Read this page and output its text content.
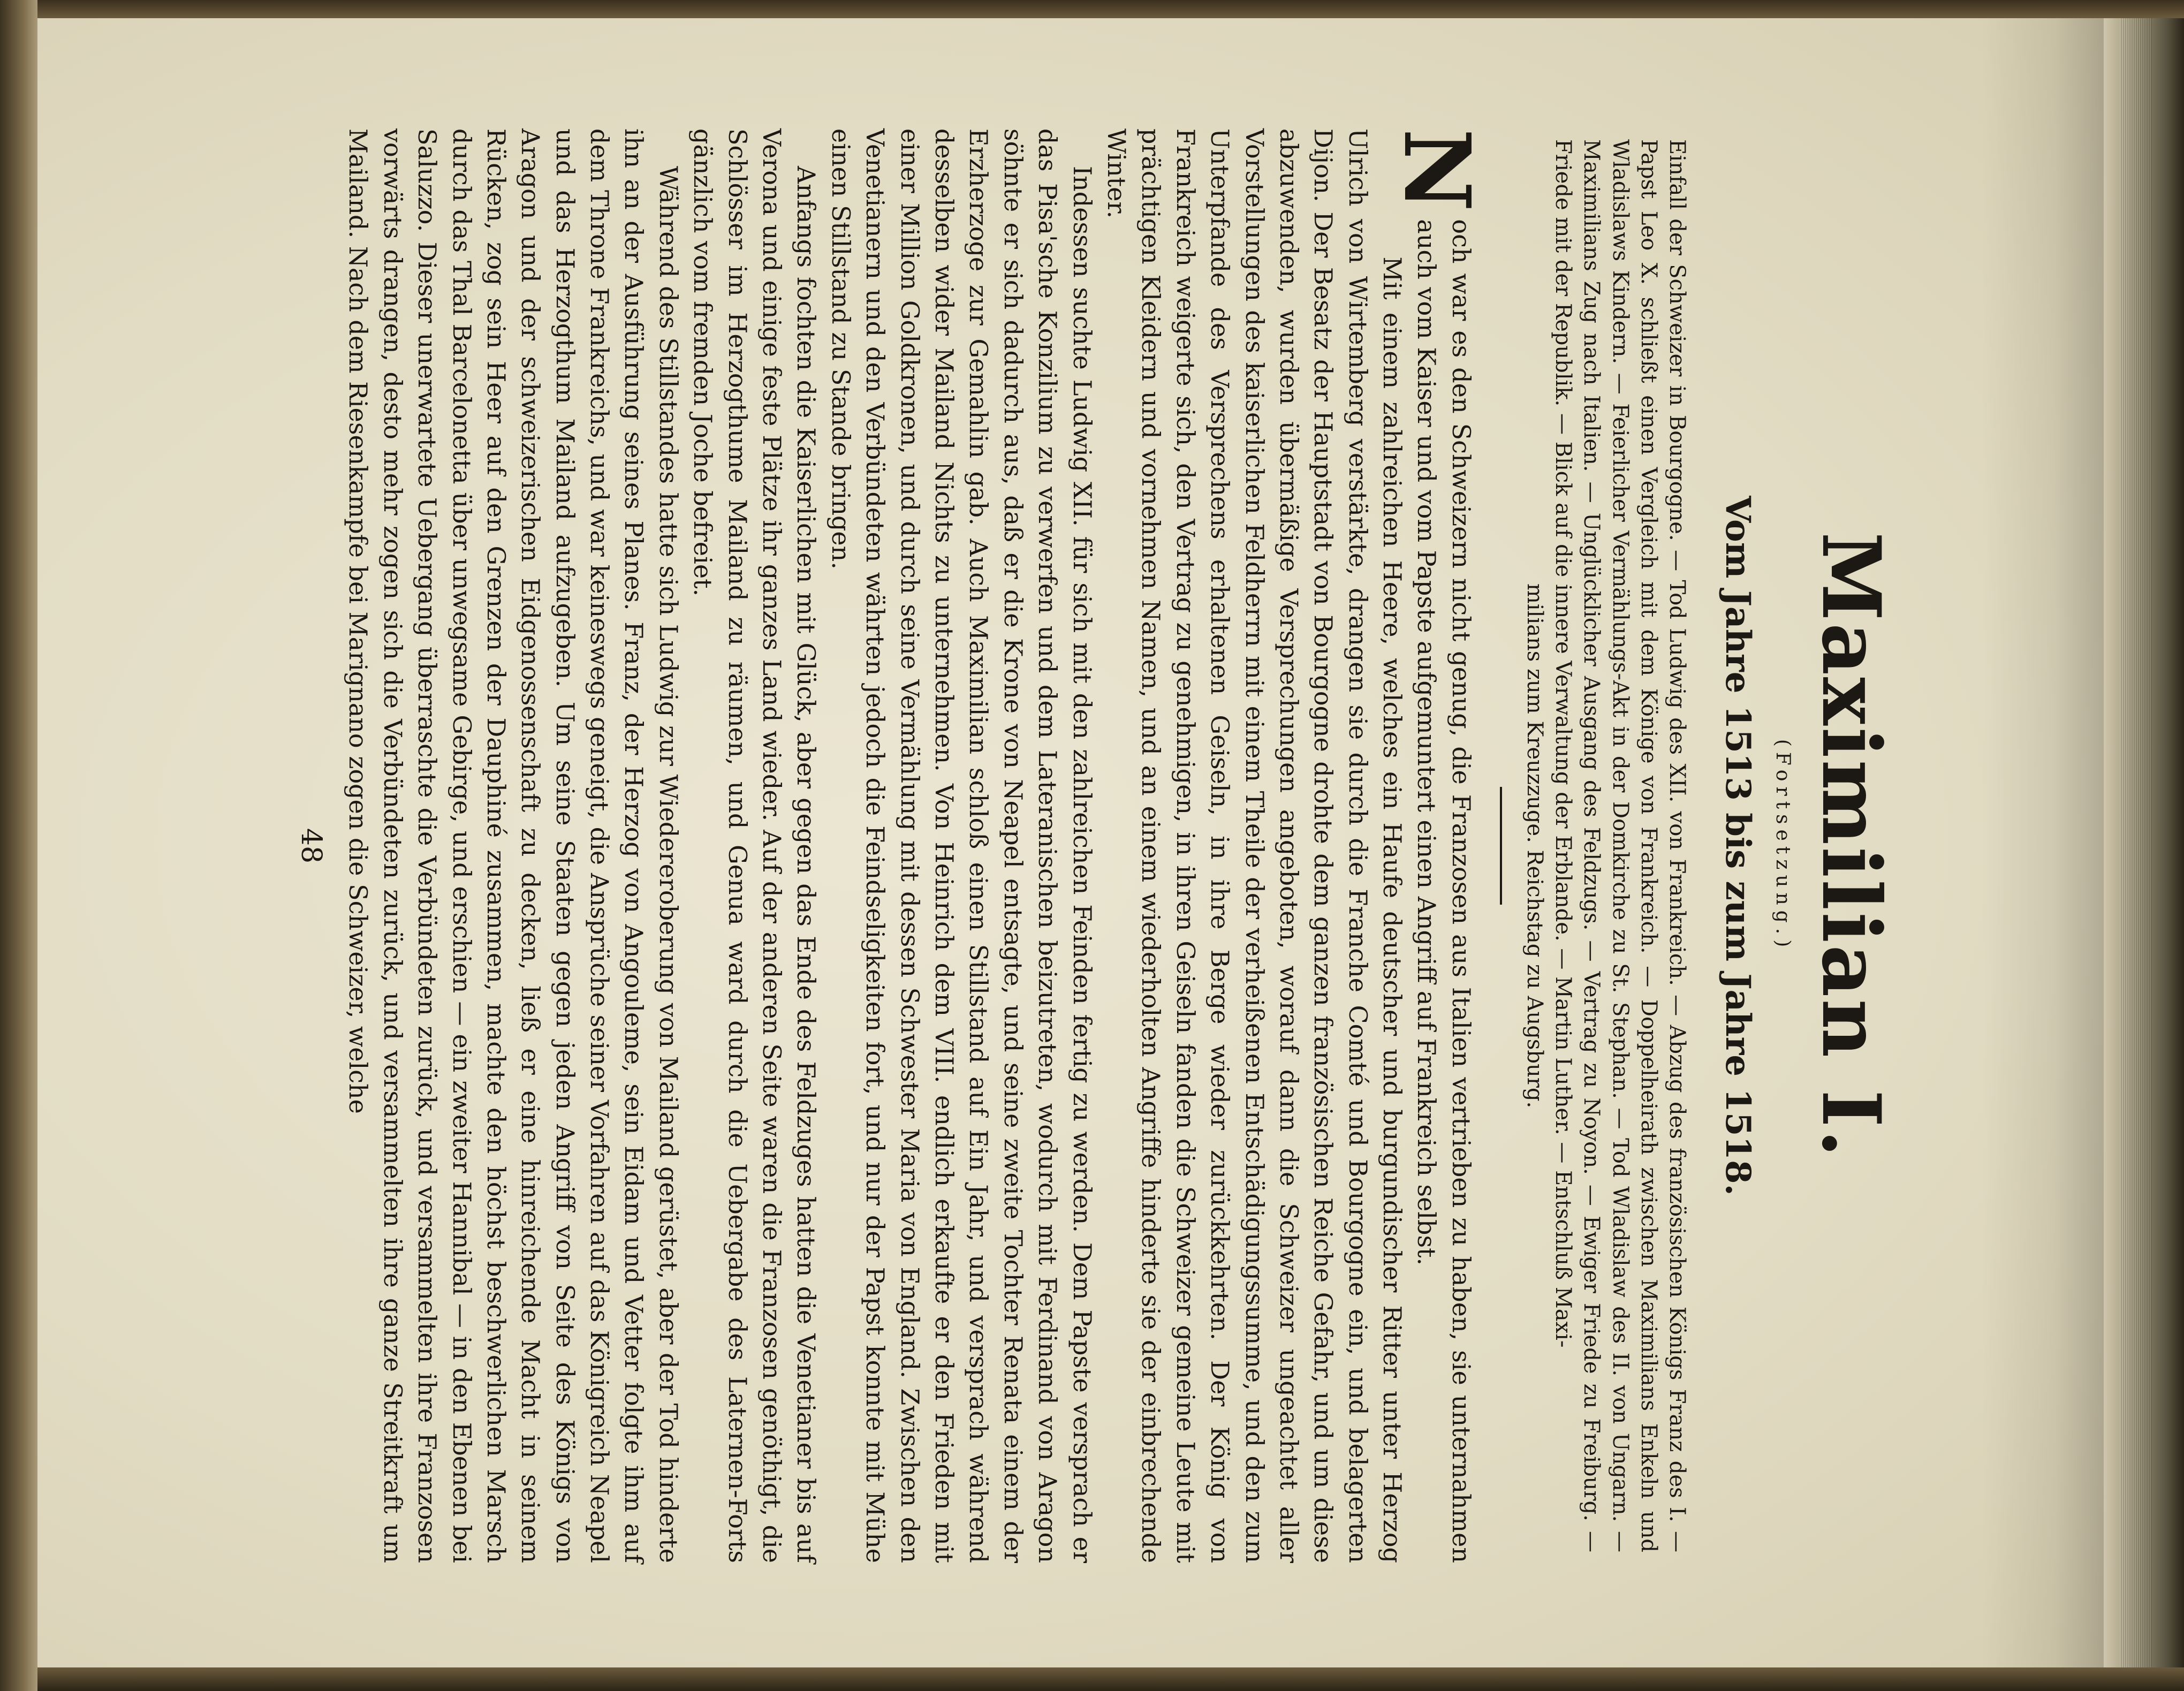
Maximilian I.
(Fortsetzung.)
Vom Jahre 1513 bis zum Jahre 1518.
Einfall der Schweizer in Bourgogne. — Tod Ludwig des XII. von Frankreich. — Abzug des französischen Königs Franz des I. — Papst Leo X. schließt einen Vergleich mit dem Könige von Frankreich. — Doppelheirath zwischen Maximilians Enkeln und Wladislaws Kindern. — Feierlicher Vermählungs-Akt in der Domkirche zu St. Stephan. — Tod Wladislaw des II. von Ungarn. — Maximilians Zug nach Italien. — Unglücklicher Ausgang des Feldzugs. — Vertrag zu Noyon. — Ewiger Friede zu Freiburg. — Friede mit der Republik. — Blick auf die innere Verwaltung der Erblande. — Martin Luther. — Entschluß Maxi-
milians zum Kreuzzuge. Reichstag zu Augsburg.

N
och war es den Schweizern nicht genug, die Franzosen aus Italien vertrieben zu haben, sie unternahmen auch vom Kaiser und vom Papste aufgemuntert einen Angriff auf Frankreich selbst.

Mit einem zahlreichen Heere, welches ein Haufe deutscher und burgundischer Ritter unter Herzog Ulrich von Wirtemberg verstärkte, drangen sie durch die Franche Comté und Bourgogne ein, und belagerten Dijon. Der Besatz der Hauptstadt von Bourgogne drohte dem ganzen französischen Reiche Gefahr, und um diese abzuwenden, wurden übermäßige Versprechungen angeboten, worauf dann die Schweizer ungeachtet aller Vorstellungen des kaiserlichen Feldherrn mit einem Theile der verheißenen Entschädigungssumme, und den zum Unterpfande des Versprechens erhaltenen Geiseln, in ihre Berge wieder zurückkehrten. Der König von Frankreich weigerte sich, den Vertrag zu genehmigen, in ihren Geiseln fanden die Schweizer gemeine Leute mit prächtigen Kleidern und vornehmen Namen, und an einem wiederholten Angriffe hinderte sie der einbrechende Winter.

Indessen suchte Ludwig XII. für sich mit den zahlreichen Feinden fertig zu werden. Dem Papste versprach er das Pisa'sche Konzilium zu verwerfen und dem Lateranischen beizutreten, wodurch mit Ferdinand von Aragon söhnte er sich dadurch aus, daß er die Krone von Neapel entsagte, und seine zweite Tochter Renata einem der Erzherzoge zur Gemahlin gab. Auch Maximilian schloß einen Stillstand auf Ein Jahr, und versprach während desselben wider Mailand Nichts zu unternehmen. Von Heinrich dem VIII. endlich erkaufte er den Frieden mit einer Million Goldkronen, und durch seine Vermählung mit dessen Schwester Maria von England. Zwischen den Venetianern und den Verbündeten währten jedoch die Feindseligkeiten fort, und nur der Papst konnte mit Mühe einen Stillstand zu Stande bringen.

Anfangs fochten die Kaiserlichen mit Glück, aber gegen das Ende des Feldzuges hatten die Venetianer bis auf Verona und einige feste Plätze ihr ganzes Land wieder. Auf der anderen Seite waren die Franzosen genöthigt, die Schlösser im Herzogthume Mailand zu räumen, und Genua ward durch die Uebergabe des Laternen-Forts gänzlich vom fremden Joche befreiet.

Während des Stillstandes hatte sich Ludwig zur Wiedereroberung von Mailand gerüstet, aber der Tod hinderte ihn an der Ausführung seines Planes. Franz, der Herzog von Angouleme, sein Eidam und Vetter folgte ihm auf dem Throne Frankreichs, und war keineswegs geneigt, die Ansprüche seiner Vorfahren auf das Königreich Neapel und das Herzogthum Mailand aufzugeben. Um seine Staaten gegen jeden Angriff von Seite des Königs von Aragon und der schweizerischen Eidgenossenschaft zu decken, ließ er eine hinreichende Macht in seinem Rücken, zog sein Heer auf den Grenzen der Dauphiné zusammen, machte den höchst beschwerlichen Marsch durch das Thal Barcelonetta über unwegsame Gebirge, und erschien — ein zweiter Hannibal — in den Ebenen bei Saluzzo. Dieser unerwartete Uebergang überraschte die Verbündeten zurück, und versammelten ihre Franzosen vorwärts drangen, desto mehr zogen sich die Verbündeten zurück, und versammelten ihre ganze Streitkraft um Mailand. Nach dem Riesenkampfe bei Marignano zogen die Schweizer, welche

48
